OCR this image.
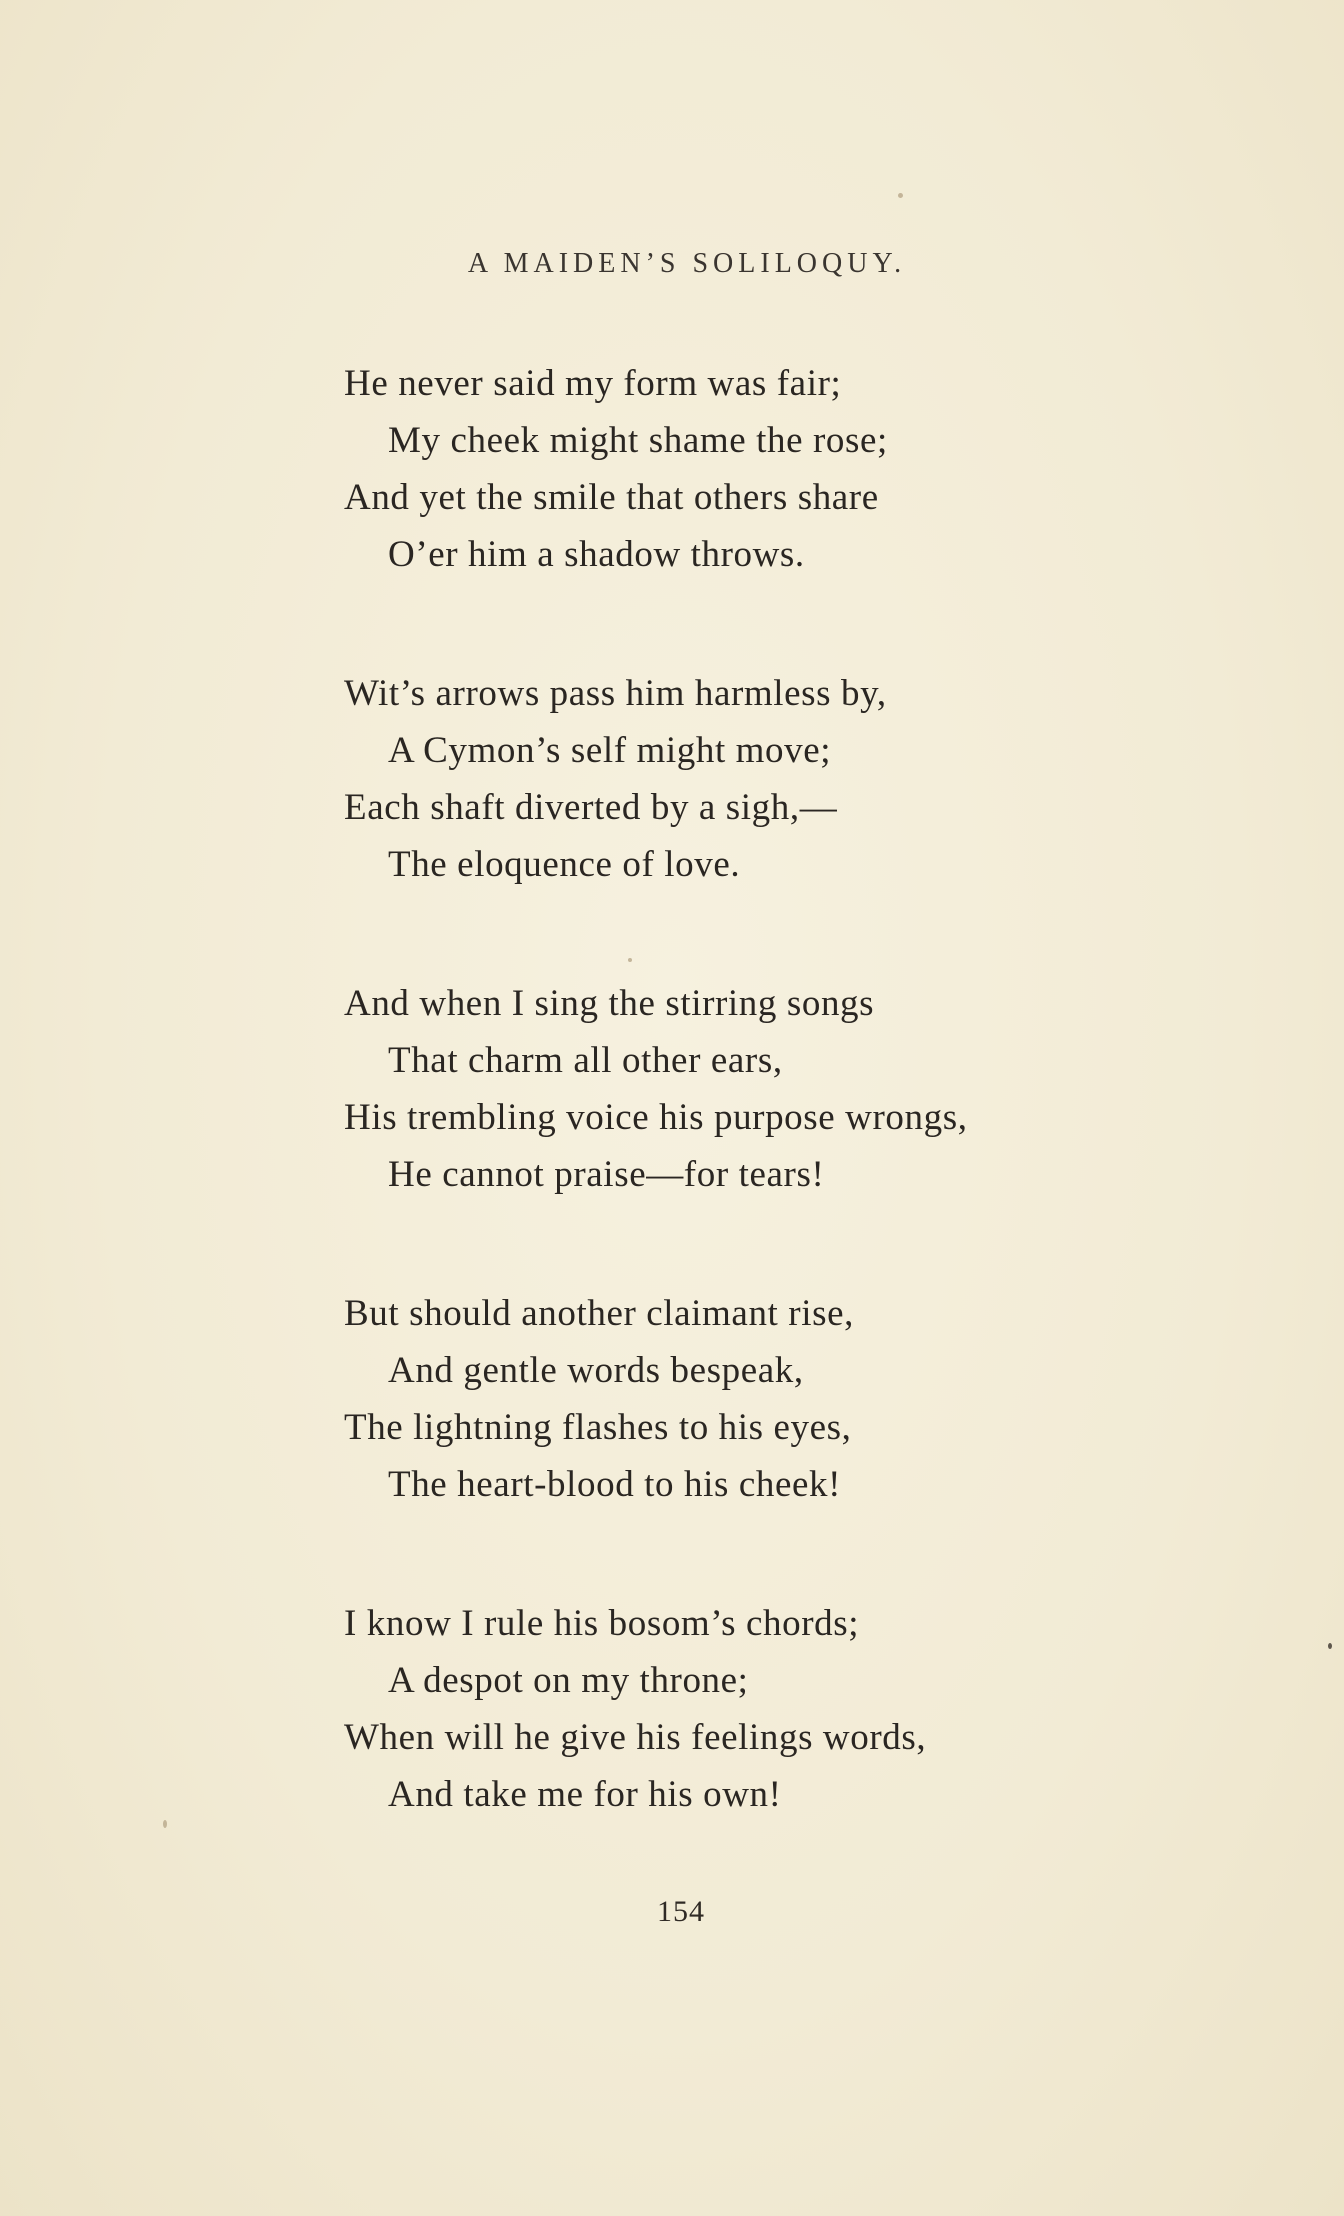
A MAIDEN’S SOLILOQUY.
He never said my form was fair;
My cheek might shame the rose;
And yet the smile that others share
O’er him a shadow throws.
Wit’s arrows pass him harmless by,
A Cymon’s self might move;
Each shaft diverted by a sigh,—
The eloquence of love.
And when I sing the stirring songs
That charm all other ears,
His trembling voice his purpose wrongs,
He cannot praise—for tears!
But should another claimant rise,
And gentle words bespeak,
The lightning flashes to his eyes,
The heart-blood to his cheek!
I know I rule his bosom’s chords;
A despot on my throne;
When will he give his feelings words,
And take me for his own!
154
